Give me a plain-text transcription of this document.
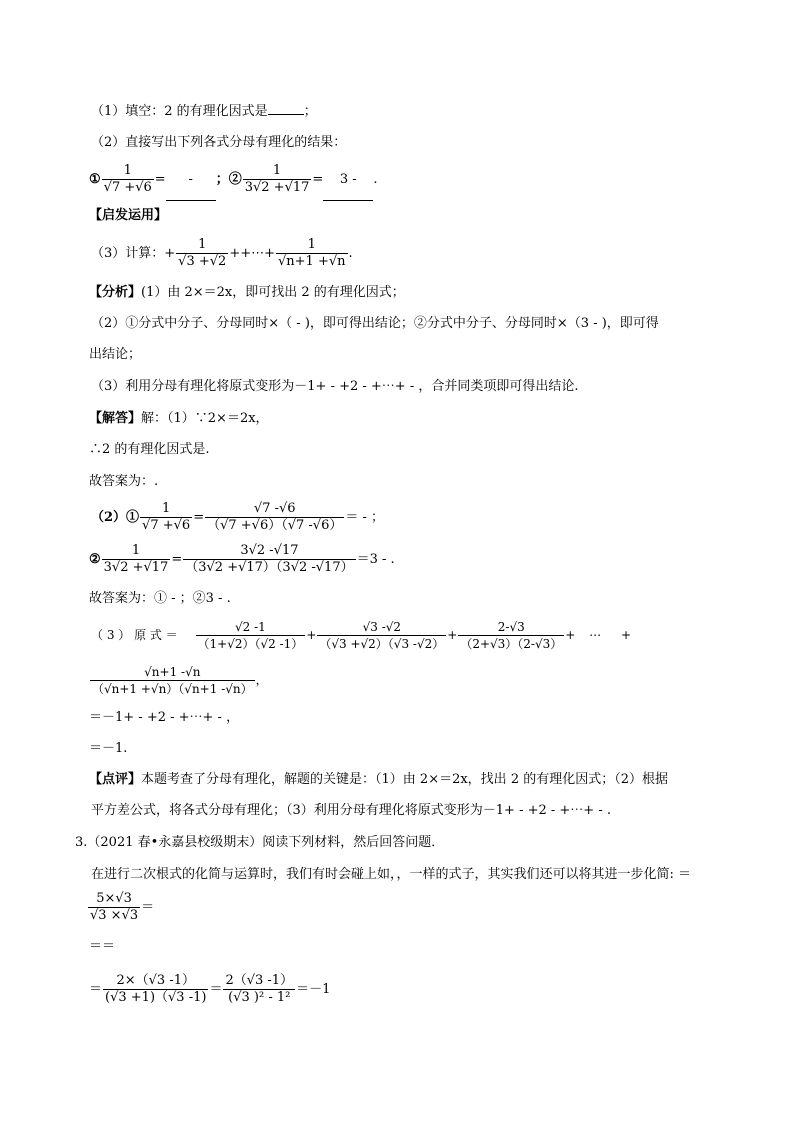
（1）填空：2 的有理化因式是	；
（2）直接写出下列各式分母有理化的结果：
① $\frac{1}{√7 +√6}$ =-；② $\frac{1}{3√2 +√17} = 3$ -.
【启发运用】
（3）计算：+ $\frac{1}{√3 +√2}$ ++⋯+ $\frac{1}{√n+1 +√n}$ .
【分析】(1）由 2×＝2x，即可找出 2 的有理化因式；
（2）①分式中分子、分母同时×（ - )，即可得出结论；②分式中分子、分母同时×（3 - )，即可得
出结论；
（3）利用分母有理化将原式变形为－1+ - +2 - +⋯+ - ，合并同类项即可得出结论.
【解答】解：（1）∵2×＝2x，
∴2 的有理化因式是.
故答案为：.
（2）① $\frac{1}{√7 +√6} = \frac{√7 -√6}{(√7 +√6)(√7 -√6)}$ ＝ - ；
② $\frac{1}{3√2 +√17} = \frac{3√2 -√17}{(3√2 +√17)(3√2 -√17)} =3$ - .
故答案为：① - ；②3 - .
（ 3 ） 原 式 ＝ $\frac{√2 -1}{(1+√2)(√2 -1)} + \frac{√3 -√2}{(√3 +√2)(√3 -√2)} + \frac{2-√3}{(2+√3)(2-√3)}$ + ⋯ +
$\frac{√n+1 -√n}{(√n+1 +√n)(√n+1 -√n)}$ ，
＝－1+ - +2 - +⋯+ - ，
＝－1.
【点评】本题考查了分母有理化，解题的关键是：（1）由 2×＝2x，找出 2 的有理化因式；（2）根据
平方差公式，将各式分母有理化；（3）利用分母有理化将原式变形为－1+ - +2 - +⋯+ - .
3.（2021 春•永嘉县校级期末）阅读下列材料，然后回答问题．
在进行二次根式的化简与运算时，我们有时会碰上如，，一样的式子，其实我们还可以将其进一步化简: ＝
$\frac{5\times√3}{√3 \times√3}$ ＝
＝＝
＝ $\frac{2\times(√3 -1)}{(√3 +1)(√3 -1)} = \frac{2(√3 -1)}{\text{(√3 )² - 1²}} =-1$
